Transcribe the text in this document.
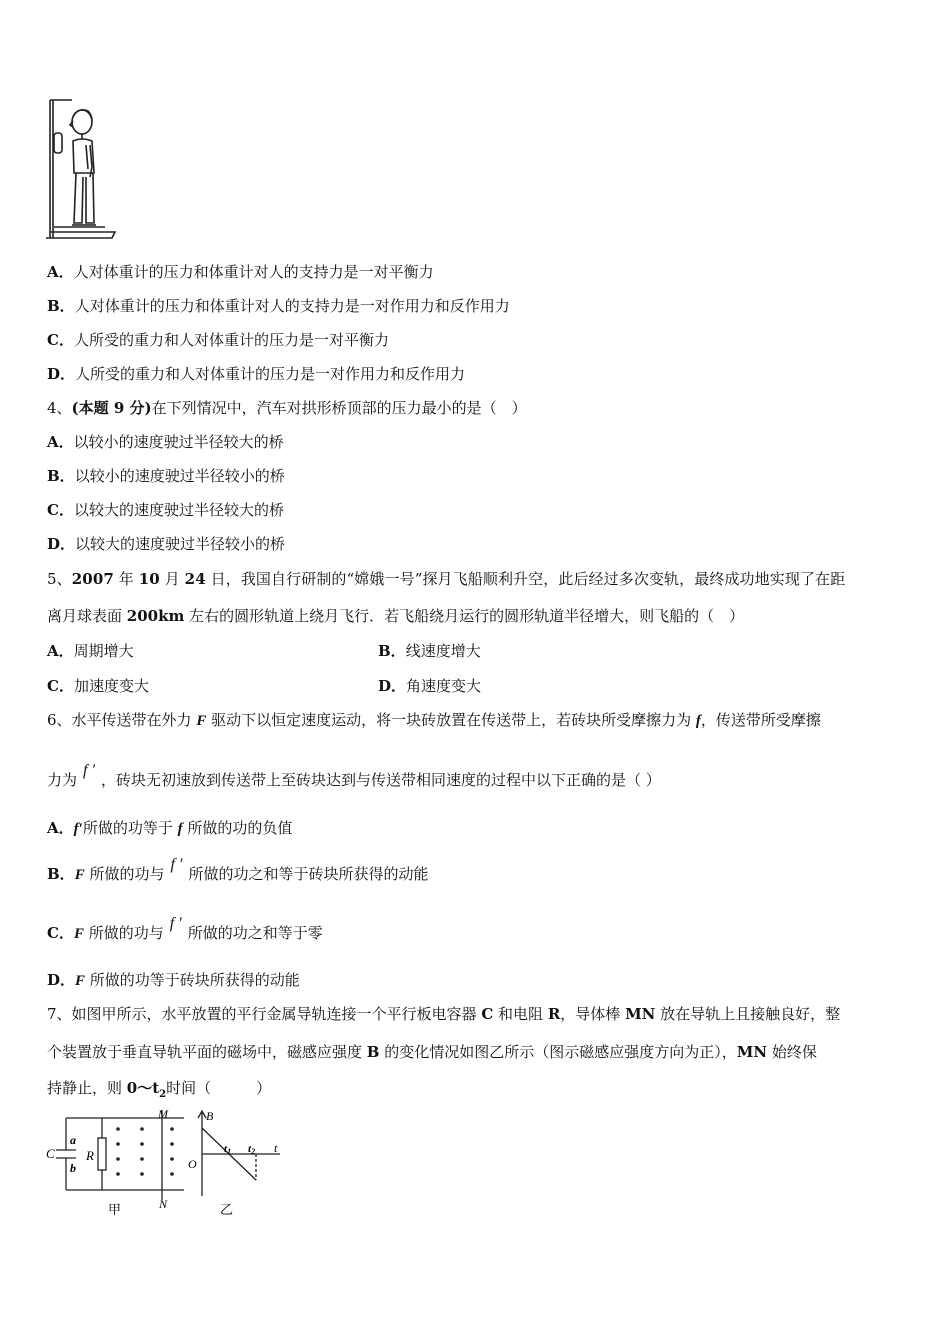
A．人对体重计的压力和体重计对人的支持力是一对平衡力
B．人对体重计的压力和体重计对人的支持力是一对作用力和反作用力
C．人所受的重力和人对体重计的压力是一对平衡力
D．人所受的重力和人对体重计的压力是一对作用力和反作用力
4、(本题 9 分)在下列情况中，汽车对拱形桥顶部的压力最小的是（　）
A．以较小的速度驶过半径较大的桥
B．以较小的速度驶过半径较小的桥
C．以较大的速度驶过半径较大的桥
D．以较大的速度驶过半径较小的桥
5、2007 年 10 月 24 日，我国自行研制的“嫦娥一号”探月飞船顺利升空，此后经过多次变轨，最终成功地实现了在距
离月球表面 200km 左右的圆形轨道上绕月飞行．若飞船绕月运行的圆形轨道半径增大，则飞船的（　）
A．周期增大	B．线速度增大
C．加速度变大	D．角速度变大
6、水平传送带在外力 F 驱动下以恒定速度运动，将一块砖放置在传送带上，若砖块所受摩擦力为 f，传送带所受摩擦
力为f ′，砖块无初速放到传送带上至砖块达到与传送带相同速度的过程中以下正确的是（ ）
A．f′所做的功等于 f 所做的功的负值
B．F 所做的功与f ′所做的功之和等于砖块所获得的动能
C．F 所做的功与f ′所做的功之和等于零
D．F 所做的功等于砖块所获得的动能
7、如图甲所示，水平放置的平行金属导轨连接一个平行板电容器 C 和电阻 R，导体棒 MN 放在导轨上且接触良好，整
个装置放于垂直导轨平面的磁场中，磁感应强度 B 的变化情况如图乙所示（图示磁感应强度方向为正），MN 始终保
持静止，则 $0\sim t_2$时间（　　　）
a
b
C R
M
N
甲
B
O
t1 t2 t
乙
